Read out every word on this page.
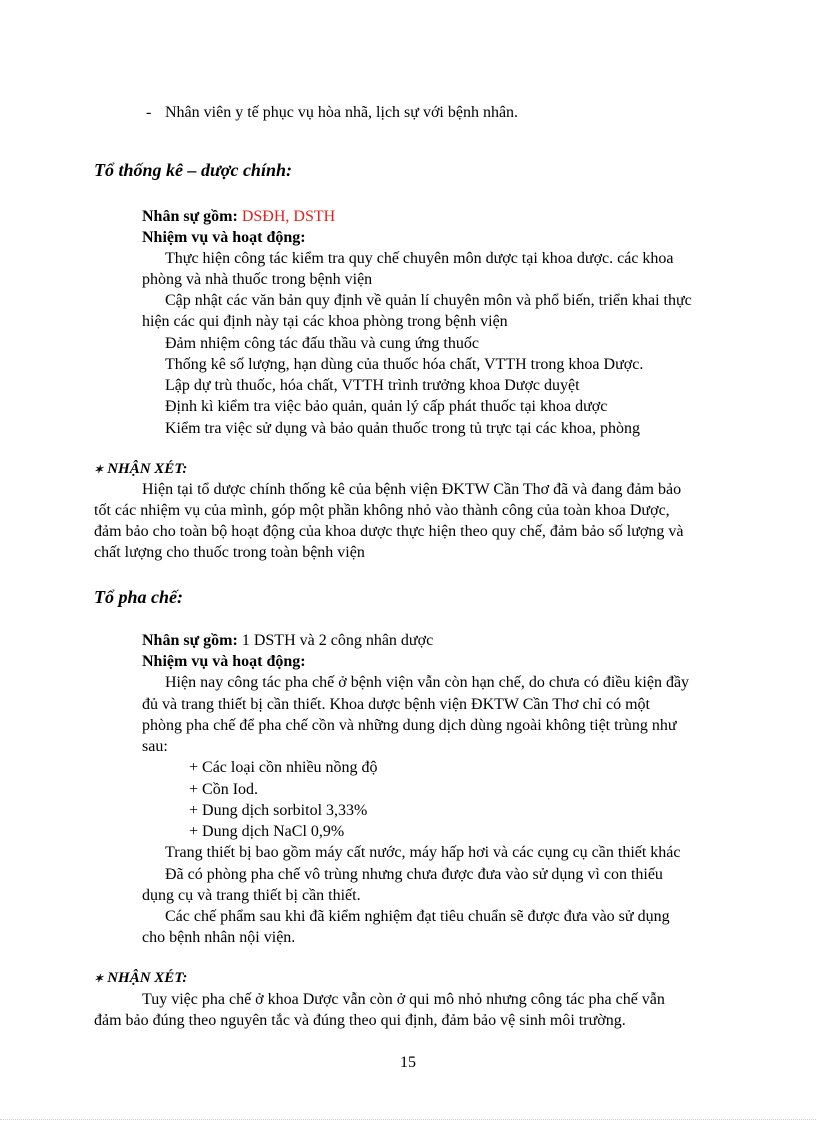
- Nhân viên y tế phục vụ hòa nhã, lịch sự với bệnh nhân.
Tổ thống kê – dược chính:
Nhân sự gồm: DSĐH, DSTH
Nhiệm vụ và hoạt động:
Thực hiện công tác kiểm tra quy chế chuyên môn dược tại khoa dược. các khoa
phòng và nhà thuốc trong bệnh viện
Cập nhật các văn bản quy định về quản lí chuyên môn và phổ biến, triển khai thực
hiện các qui định này tại các khoa phòng trong bệnh viện
Đảm nhiệm công tác đấu thầu và cung ứng thuốc
Thống kê số lượng, hạn dùng của thuốc hóa chất, VTTH trong khoa Dược.
Lập dự trù thuốc, hóa chất, VTTH trình trưởng khoa Dược duyệt
Định kì kiểm tra việc bảo quản, quản lý cấp phát thuốc tại khoa dược
Kiểm tra việc sử dụng và bảo quản thuốc trong tủ trực tại các khoa, phòng
✶ NHẬN XÉT:
Hiện tại tổ dược chính thống kê của bệnh viện ĐKTW Cần Thơ đã và đang đảm bảo
tốt các nhiệm vụ của mình, góp một phần không nhỏ vào thành công của toàn khoa Dược,
đảm bảo cho toàn bộ hoạt động của khoa dược thực hiện theo quy chế, đảm bảo số lượng và
chất lượng cho thuốc trong toàn bệnh viện
Tổ pha chế:
Nhân sự gồm: 1 DSTH và 2 công nhân dược
Nhiệm vụ và hoạt động:
Hiện nay công tác pha chế ở bệnh viện vẫn còn hạn chế, do chưa có điều kiện đầy
đủ và trang thiết bị cần thiết. Khoa dược bệnh viện ĐKTW Cần Thơ chỉ có một
phòng pha chế để pha chế cồn và những dung dịch dùng ngoài không tiệt trùng như
sau:
+ Các loại cồn nhiều nồng độ
+ Cồn Iod.
+ Dung dịch sorbitol 3,33%
+ Dung dịch NaCl 0,9%
Trang thiết bị bao gồm máy cất nước, máy hấp hơi và các cụng cụ cần thiết khác
Đã có phòng pha chế vô trùng nhưng chưa được đưa vào sử dụng vì con thiếu
dụng cụ và trang thiết bị cần thiết.
Các chế phẩm sau khi đã kiểm nghiệm đạt tiêu chuẩn sẽ được đưa vào sử dụng
cho bệnh nhân nội viện.
✶ NHẬN XÉT:
Tuy việc pha chế ở khoa Dược vẫn còn ở qui mô nhỏ nhưng công tác pha chế vẫn
đảm bảo đúng theo nguyên tắc và đúng theo qui định, đảm bảo vệ sinh môi trường.
15
